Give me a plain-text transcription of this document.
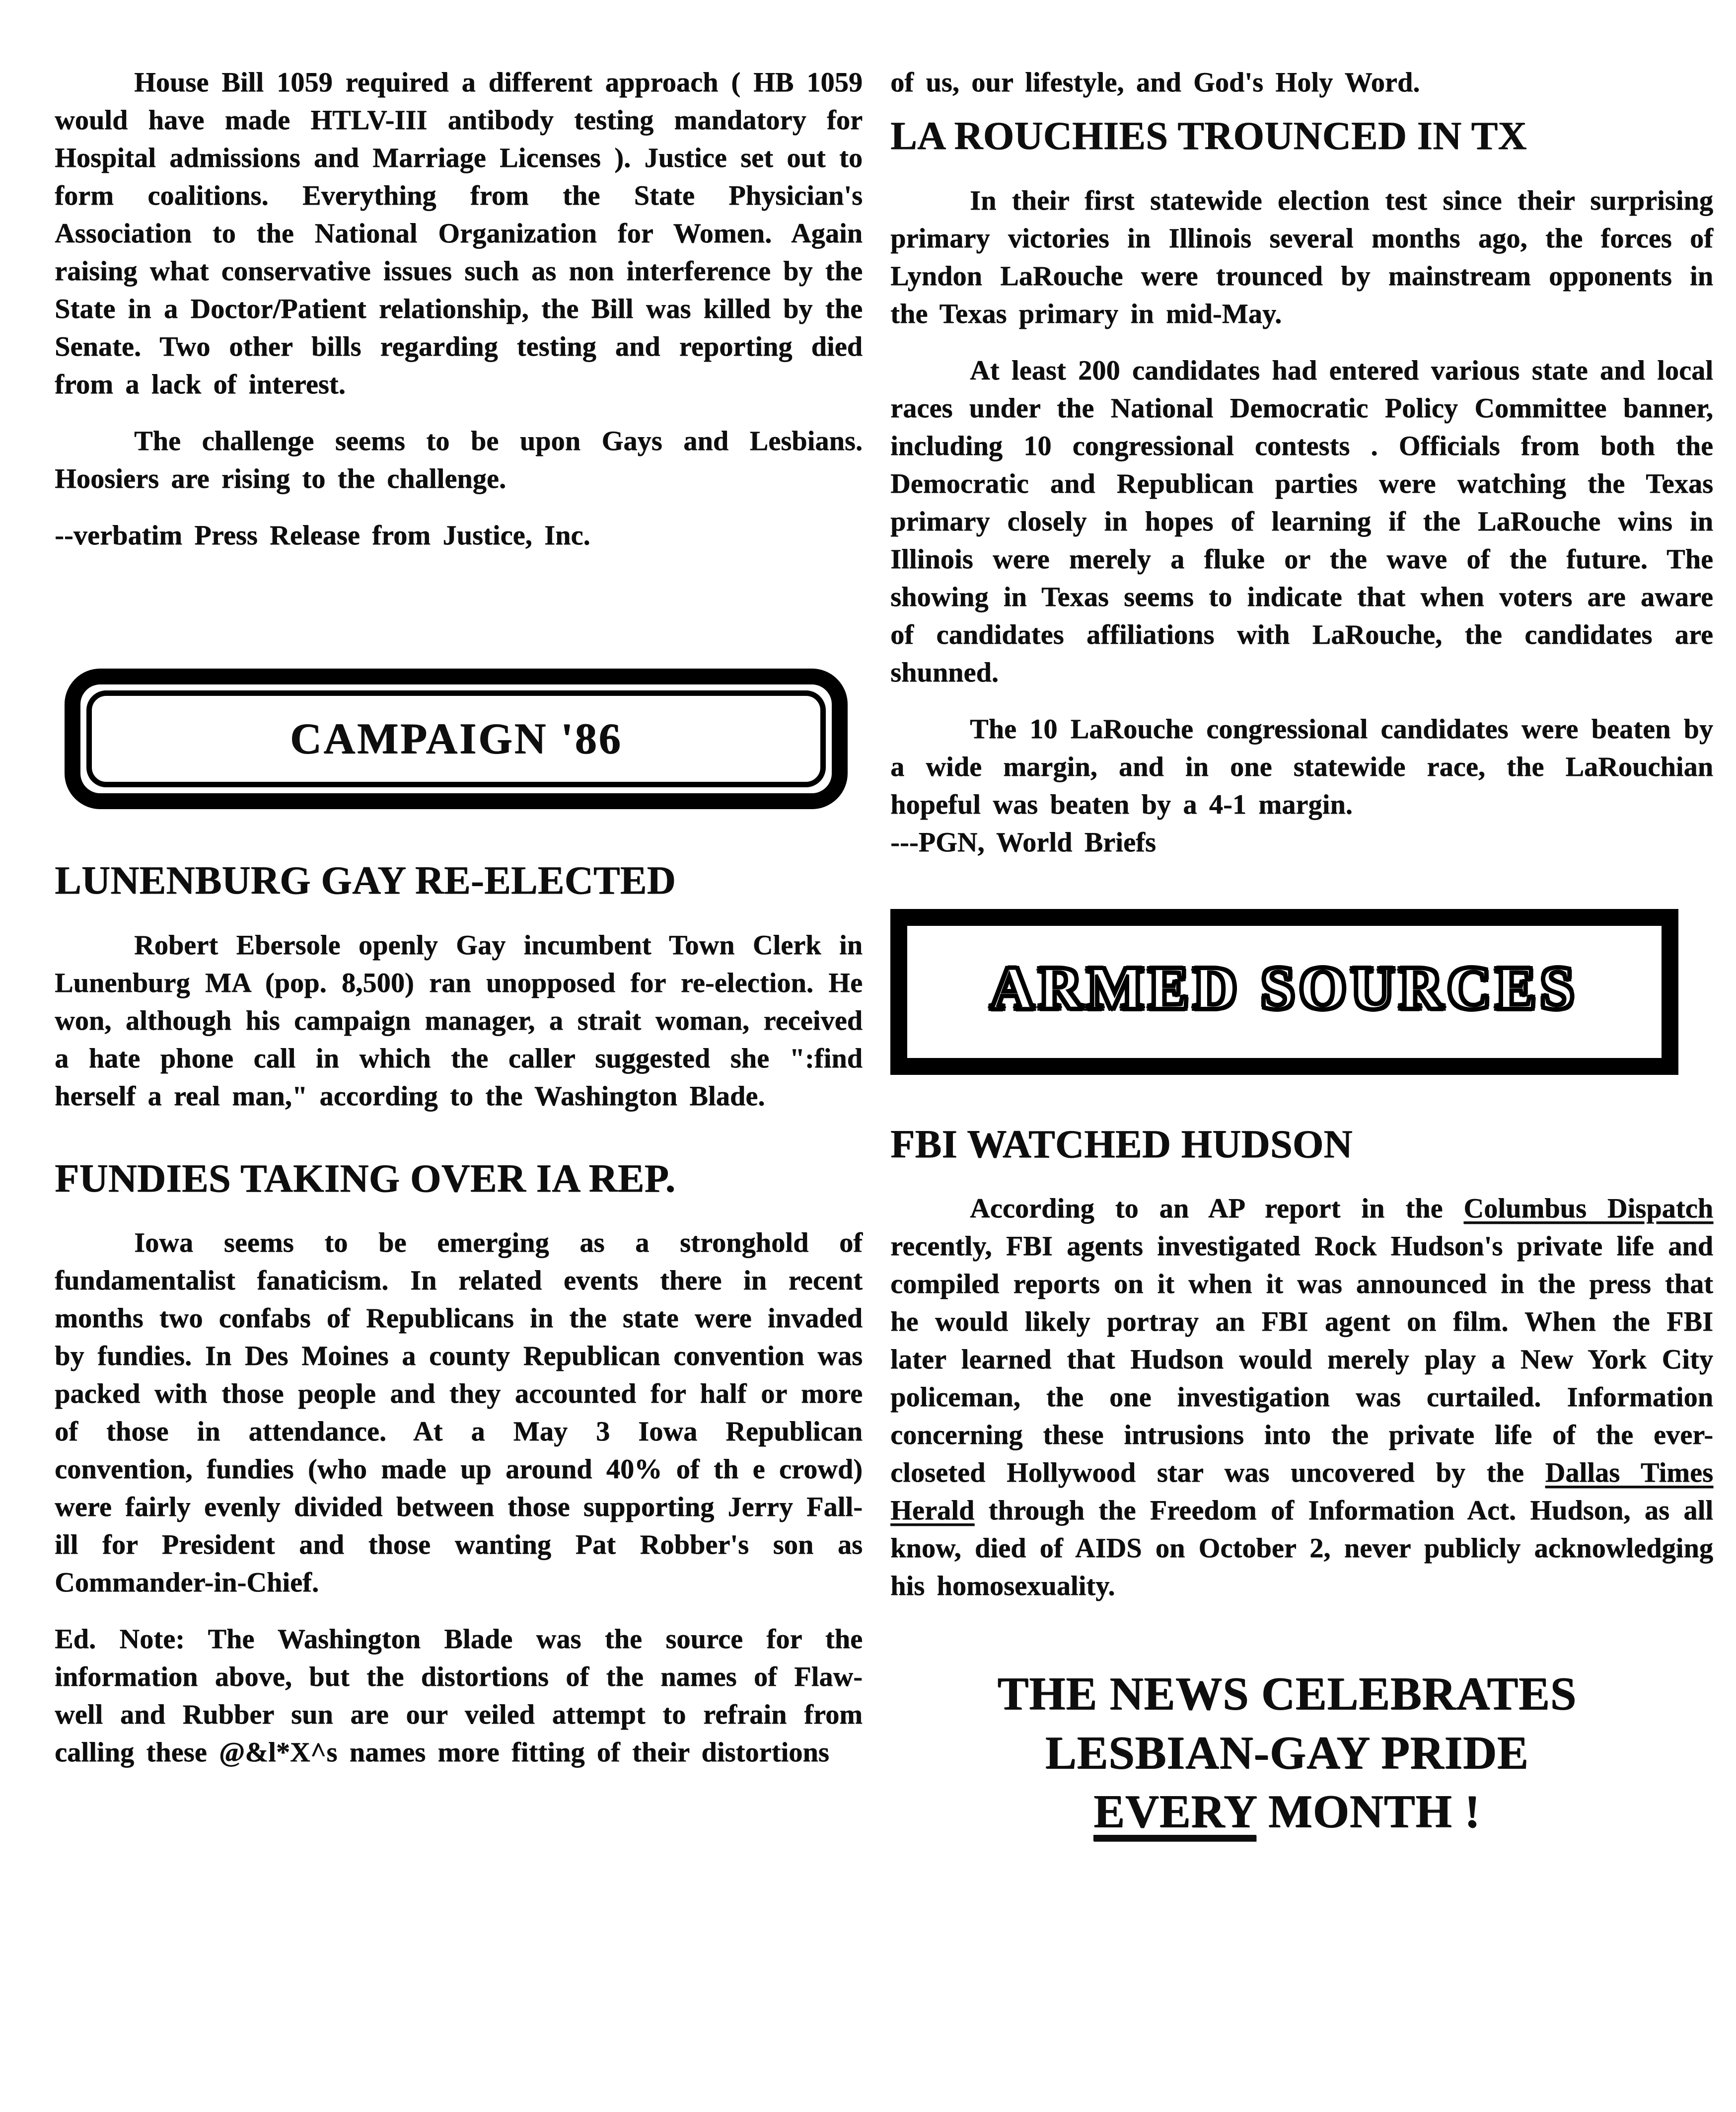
House Bill 1059 required a different approach ( HB 1059 would have made HTLV-III antibody testing mandatory for Hospital admissions and Marriage Licenses ). Justice set out to form coalitions. Everything from the State Physician's Association to the National Organization for Women. Again raising what conservative issues such as non interference by the State in a Doctor/Patient relationship, the Bill was killed by the Senate. Two other bills regarding testing and reporting died from a lack of interest.

The challenge seems to be upon Gays and Lesbians. Hoosiers are rising to the challenge.

--verbatim Press Release from Justice, Inc.

CAMPAIGN '86
LUNENBURG GAY RE-ELECTED

Robert Ebersole openly Gay incumbent Town Clerk in Lunenburg MA (pop. 8,500) ran unopposed for re-election. He won, although his campaign manager, a strait woman, received a hate phone call in which the caller suggested she ":find herself a real man," according to the Washington Blade.

FUNDIES TAKING OVER IA REP.

Iowa seems to be emerging as a stronghold of fundamentalist fanaticism. In related events there in recent months two confabs of Republicans in the state were invaded by fundies. In Des Moines a county Republican convention was packed with those people and they accounted for half or more of those in attendance. At a May 3 Iowa Republican convention, fundies (who made up around 40% of th e crowd) were fairly evenly divided between those supporting Jerry Fall-ill for President and those wanting Pat Robber's son as Commander-in-Chief.

Ed. Note: The Washington Blade was the source for the information above, but the distortions of the names of Flaw-well and Rubber sun are our veiled attempt to refrain from calling these @&l*X^s names more fitting of their distortions

of us, our lifestyle, and God's Holy Word.

LA ROUCHIES TROUNCED IN TX

In their first statewide election test since their surprising primary victories in Illinois several months ago, the forces of Lyndon LaRouche were trounced by mainstream opponents in the Texas primary in mid-May.

At least 200 candidates had entered various state and local races under the National Democratic Policy Committee banner, including 10 congressional contests . Officials from both the Democratic and Republican parties were watching the Texas primary closely in hopes of learning if the LaRouche wins in Illinois were merely a fluke or the wave of the future. The showing in Texas seems to indicate that when voters are aware of candidates affiliations with LaRouche, the candidates are shunned.

The 10 LaRouche congressional candidates were beaten by a wide margin, and in one statewide race, the LaRouchian hopeful was beaten by a 4-1 margin.

---PGN, World Briefs

ARMED SOURCES
FBI WATCHED HUDSON

According to an AP report in the Columbus Dispatch recently, FBI agents investigated Rock Hudson's private life and compiled reports on it when it was announced in the press that he would likely portray an FBI agent on film. When the FBI later learned that Hudson would merely play a New York City policeman, the one investigation was curtailed. Information concerning these intrusions into the private life of the ever-closeted Hollywood star was uncovered by the Dallas Times Herald through the Freedom of Information Act. Hudson, as all know, died of AIDS on October 2, never publicly acknowledging his homosexuality.

THE NEWS CELEBRATES
LESBIAN-GAY PRIDE
EVERY MONTH !
